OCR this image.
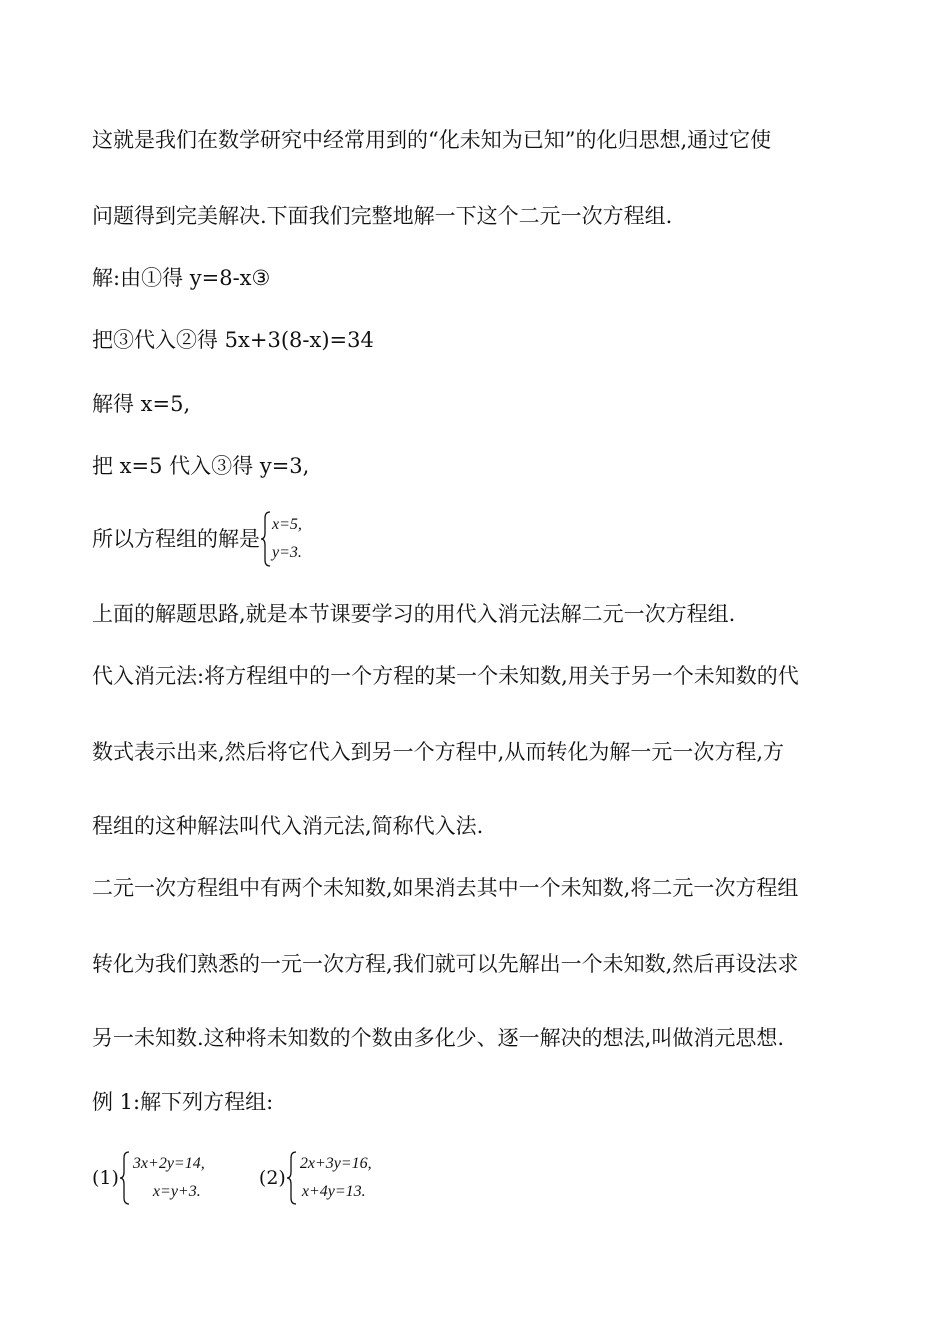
这就是我们在数学研究中经常用到的“化未知为已知”的化归思想,通过它使
问题得到完美解决.下面我们完整地解一下这个二元一次方程组.
解:由①得 y=8-x③
把③代入②得 5x+3(8-x)=34
解得 x=5,
把 x=5 代入③得 y=3,
所以方程组的解是
x=5,
y=3.
上面的解题思路,就是本节课要学习的用代入消元法解二元一次方程组.
代入消元法:将方程组中的一个方程的某一个未知数,用关于另一个未知数的代
数式表示出来,然后将它代入到另一个方程中,从而转化为解一元一次方程,方
程组的这种解法叫代入消元法,简称代入法.
二元一次方程组中有两个未知数,如果消去其中一个未知数,将二元一次方程组
转化为我们熟悉的一元一次方程,我们就可以先解出一个未知数,然后再设法求
另一未知数.这种将未知数的个数由多化少、逐一解决的想法,叫做消元思想.
例 1:解下列方程组:
(1)
3x+2y=14,
x=y+3.
(2)
2x+3y=16,
x+4y=13.
